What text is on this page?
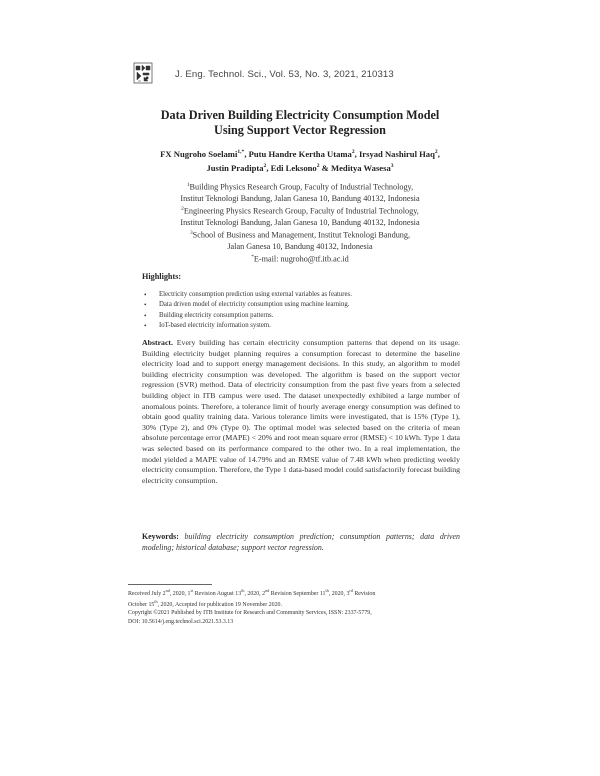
J. Eng. Technol. Sci., Vol. 53, No. 3, 2021, 210313
Data Driven Building Electricity Consumption Model
Using Support Vector Regression
FX Nugroho Soelami$^{1,*}$, Putu Handre Kertha Utama$^2$, Irsyad Nashirul Haq$^2$,
Justin Pradipta$^2$, Edi Leksono$^2$ & Meditya Wasesa$^3$
$^1$Building Physics Research Group, Faculty of Industrial Technology,
Institut Teknologi Bandung, Jalan Ganesa 10, Bandung 40132, Indonesia
$^2$Engineering Physics Research Group, Faculty of Industrial Technology,
Institut Teknologi Bandung, Jalan Ganesa 10, Bandung 40132, Indonesia
$^3$School of Business and Management, Institut Teknologi Bandung,
Jalan Ganesa 10, Bandung 40132, Indonesia
*E-mail: nugroho@tf.itb.ac.id
Highlights:
• Electricity consumption prediction using external variables as features.
• Data driven model of electricity consumption using machine learning.
• Building electricity consumption patterns.
• IoT-based electricity information system.

Abstract. Every building has certain electricity consumption patterns that depend on its usage. Building electricity budget planning requires a consumption forecast to determine the baseline electricity load and to support energy management decisions. In this study, an algorithm to model building electricity consumption was developed. The algorithm is based on the support vector regression (SVR) method. Data of electricity consumption from the past five years from a selected building object in ITB campus were used. The dataset unexpectedly exhibited a large number of anomalous points. Therefore, a tolerance limit of hourly average energy consumption was defined to obtain good quality training data. Various tolerance limits were investigated, that is 15% (Type 1), 30% (Type 2), and 0% (Type 0). The optimal model was selected based on the criteria of mean absolute percentage error (MAPE) < 20% and root mean square error (RMSE) < 10 kWh. Type 1 data was selected based on its performance compared to the other two. In a real implementation, the model yielded a MAPE value of 14.79% and an RMSE value of 7.48 kWh when predicting weekly electricity consumption. Therefore, the Type 1 data-based model could satisfactorily forecast building electricity consumption.

Keywords: building electricity consumption prediction; consumption patterns; data driven modeling; historical database; support vector regression.

Received July 2nd, 2020, 1st Revision August 13th, 2020, 2nd Revision September 11th, 2020, 3rd Revision
October 15th, 2020, Accepted for publication 19 November 2020.
Copyright ©2021 Published by ITB Institute for Research and Community Services, ISSN: 2337-5779,
DOI: 10.5614/j.eng.technol.sci.2021.53.3.13
